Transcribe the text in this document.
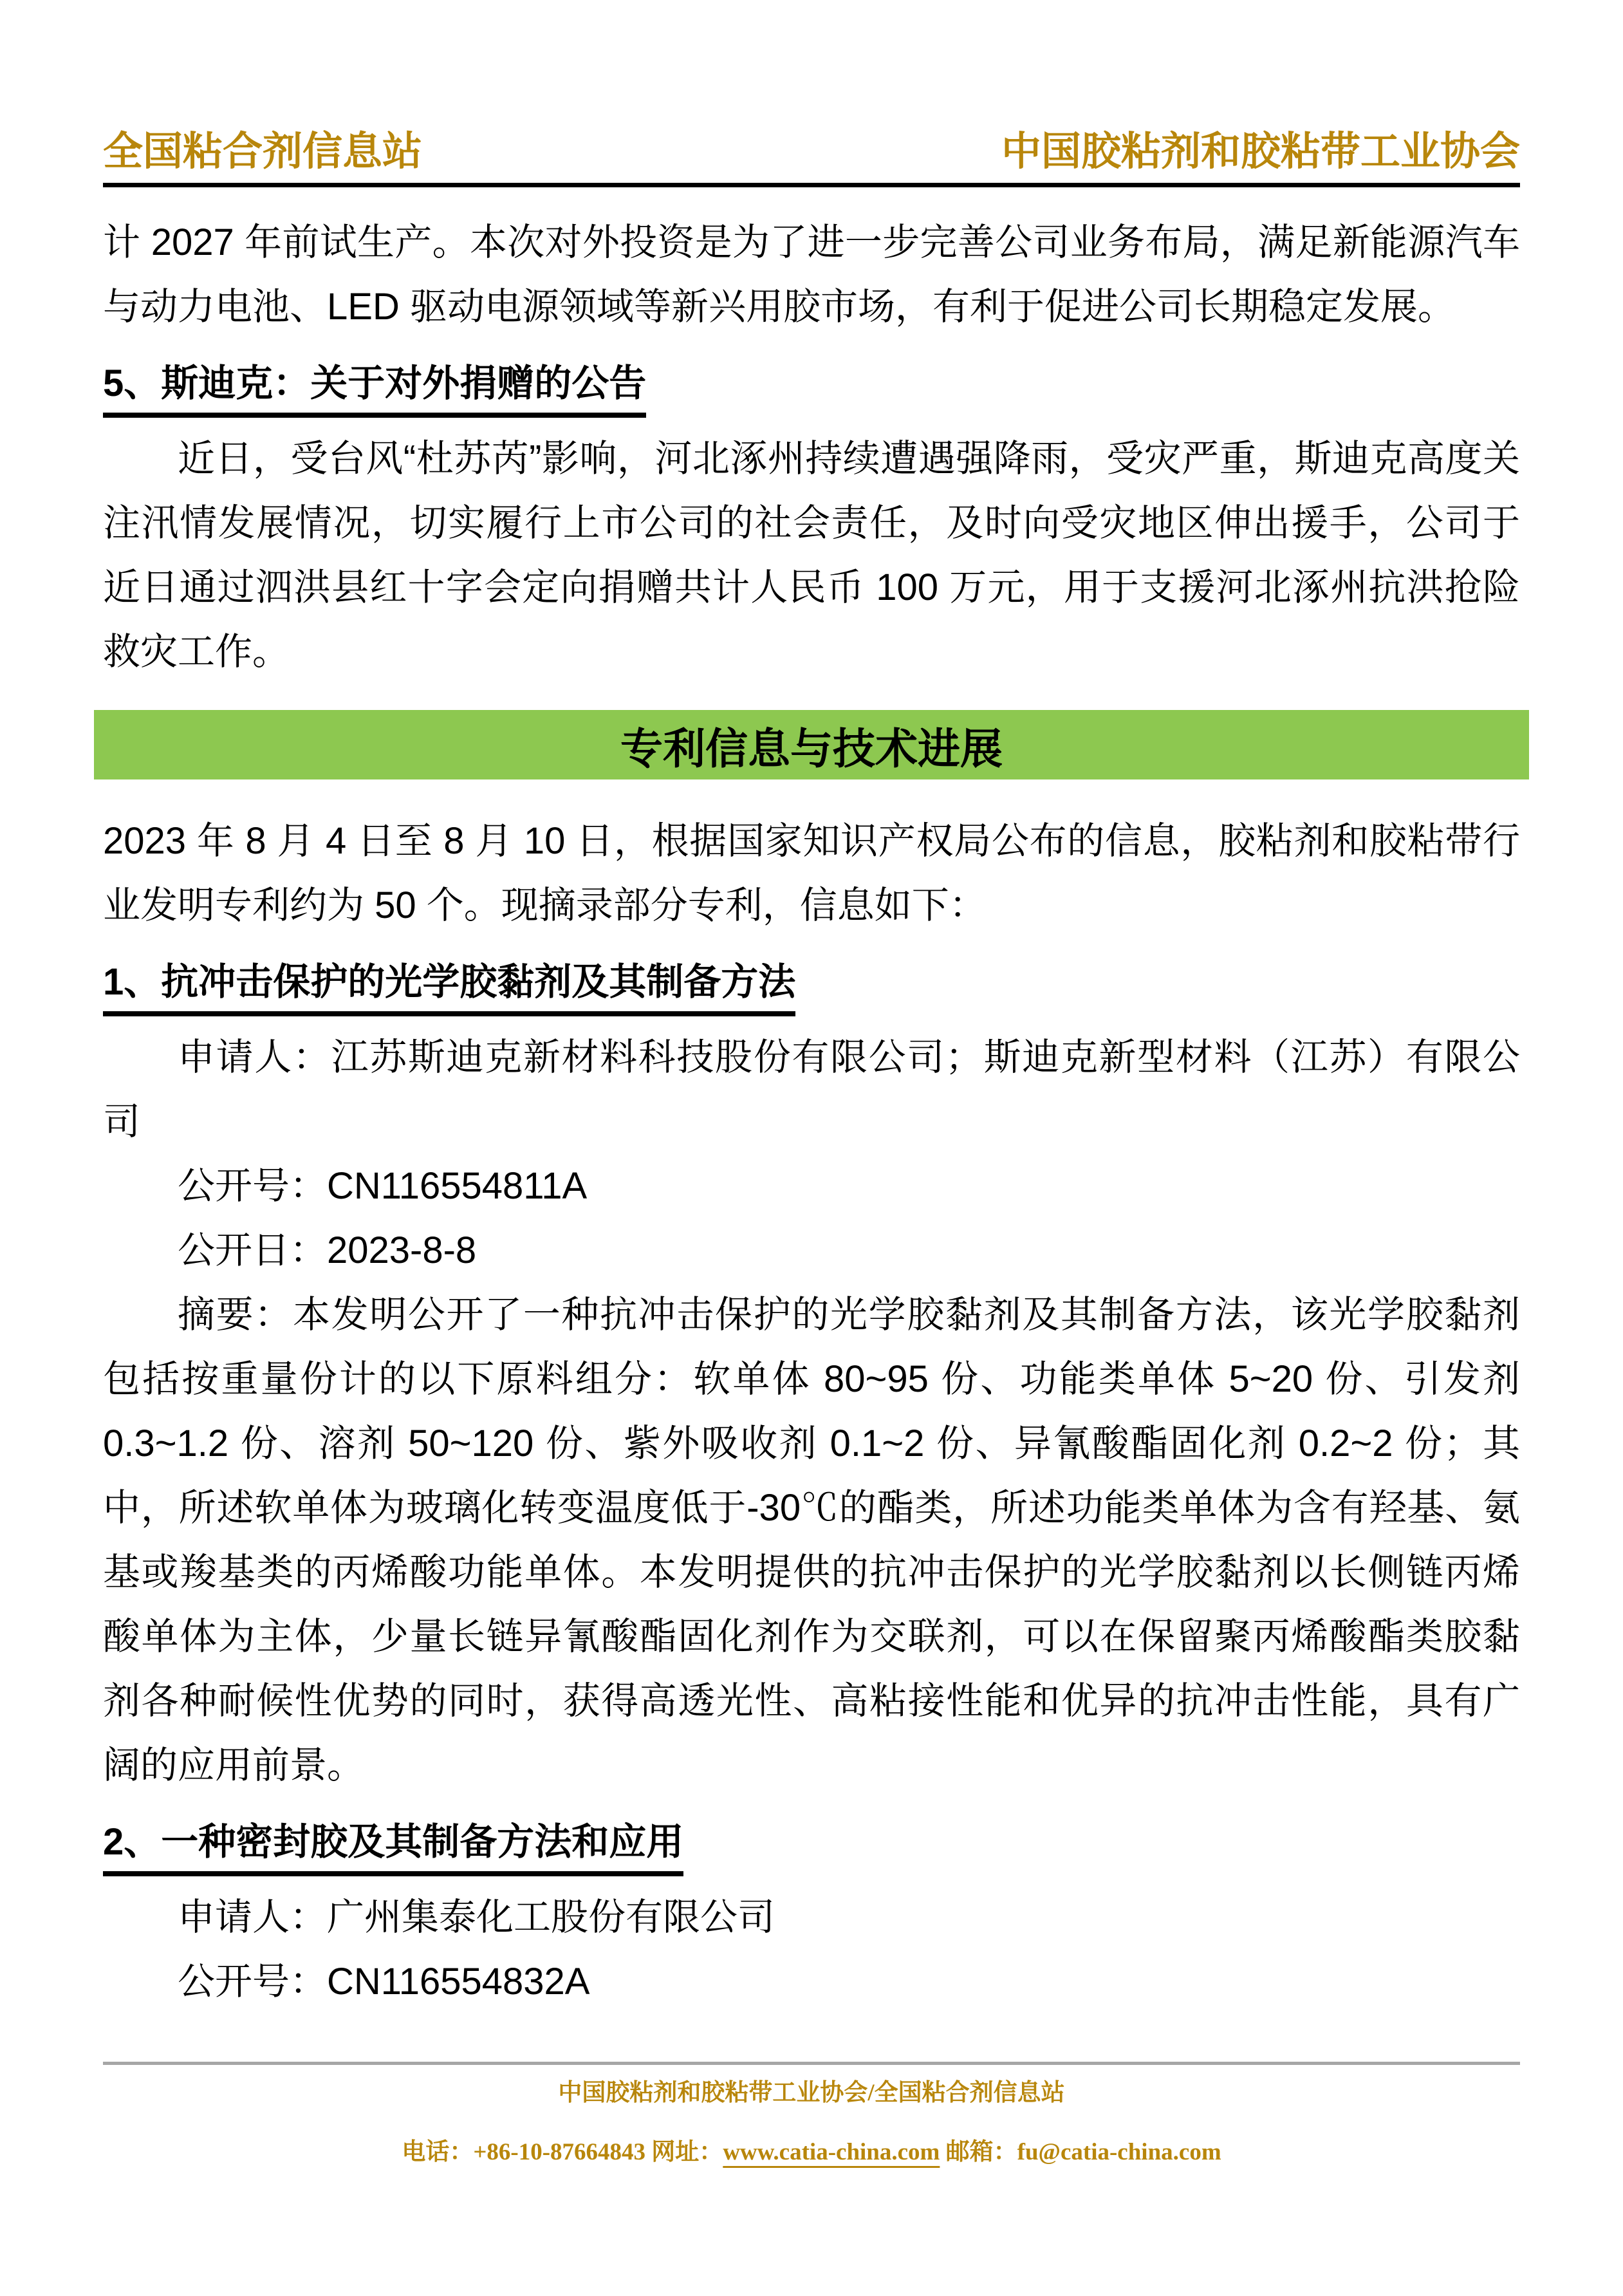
全国粘合剂信息站	中国胶粘剂和胶粘带工业协会

计 2027 年前试生产。本次对外投资是为了进一步完善公司业务布局，满足新能源汽车与动力电池、LED 驱动电源领域等新兴用胶市场，有利于促进公司长期稳定发展。

5、斯迪克：关于对外捐赠的公告

近日，受台风“杜苏芮”影响，河北涿州持续遭遇强降雨，受灾严重，斯迪克高度关注汛情发展情况，切实履行上市公司的社会责任，及时向受灾地区伸出援手，公司于近日通过泗洪县红十字会定向捐赠共计人民币 100 万元，用于支援河北涿州抗洪抢险救灾工作。

专利信息与技术进展

2023 年 8 月 4 日至 8 月 10 日，根据国家知识产权局公布的信息，胶粘剂和胶粘带行业发明专利约为 50 个。现摘录部分专利，信息如下：

1、抗冲击保护的光学胶黏剂及其制备方法

申请人：江苏斯迪克新材料科技股份有限公司；斯迪克新型材料（江苏）有限公司

公开号：CN116554811A

公开日：2023-8-8

摘要：本发明公开了一种抗冲击保护的光学胶黏剂及其制备方法，该光学胶黏剂包括按重量份计的以下原料组分：软单体 80~95 份、功能类单体 5~20 份、引发剂 0.3~1.2 份、溶剂 50~120 份、紫外吸收剂 0.1~2 份、异氰酸酯固化剂 0.2~2 份；其中，所述软单体为玻璃化转变温度低于-30℃的酯类，所述功能类单体为含有羟基、氨基或羧基类的丙烯酸功能单体。本发明提供的抗冲击保护的光学胶黏剂以长侧链丙烯酸单体为主体，少量长链异氰酸酯固化剂作为交联剂，可以在保留聚丙烯酸酯类胶黏剂各种耐候性优势的同时，获得高透光性、高粘接性能和优异的抗冲击性能，具有广阔的应用前景。

2、一种密封胶及其制备方法和应用

申请人：广州集泰化工股份有限公司

公开号：CN116554832A

中国胶粘剂和胶粘带工业协会/全国粘合剂信息站
电话：+86-10-87664843 网址：www.catia-china.com 邮箱：fu@catia-china.com
